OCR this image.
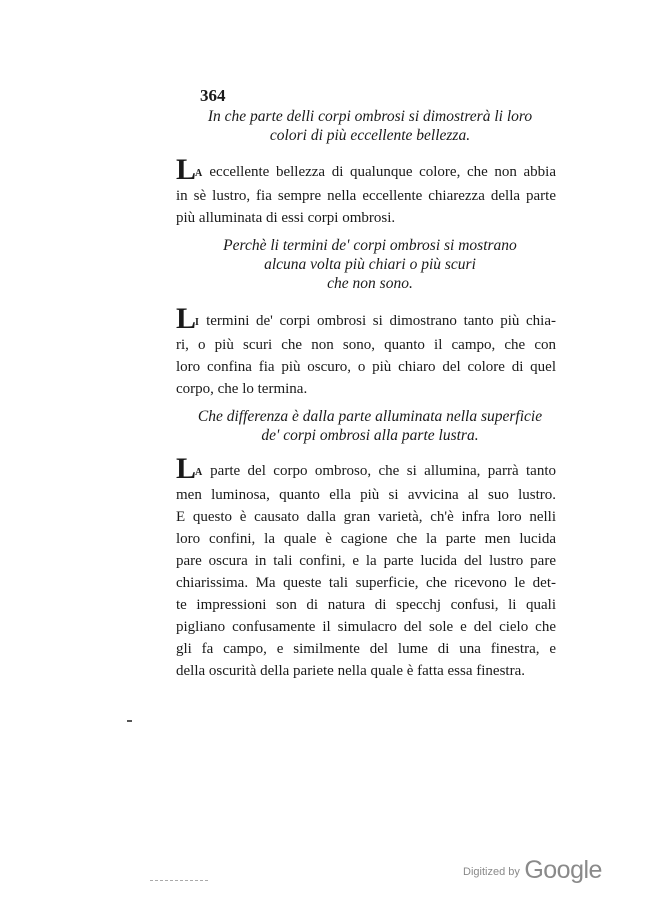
364
In che parte delli corpi ombrosi si dimostrerà li loro
colori di più eccellente bellezza.
LA eccellente bellezza di qualunque colore, che non abbia
in sè lustro, fia sempre nella eccellente chiarezza della parte
più alluminata di essi corpi ombrosi.
Perchè li termini de' corpi ombrosi si mostrano
alcuna volta più chiari o più scuri
che non sono.
LI termini de' corpi ombrosi si dimostrano tanto più chia-
ri, o più scuri che non sono, quanto il campo, che con
loro confina fia più oscuro, o più chiaro del colore di quel
corpo, che lo termina.
Che differenza è dalla parte alluminata nella superficie
de' corpi ombrosi alla parte lustra.
LA parte del corpo ombroso, che si allumina, parrà tanto
men luminosa, quanto ella più si avvicina al suo lustro.
E questo è causato dalla gran varietà, ch'è infra loro nelli
loro confini, la quale è cagione che la parte men lucida
pare oscura in tali confini, e la parte lucida del lustro pare
chiarissima. Ma queste tali superficie, che ricevono le det-
te impressioni son di natura di specchj confusi, li quali
pigliano confusamente il simulacro del sole e del cielo che
gli fa campo, e similmente del lume di una finestra, e
della oscurità della pariete nella quale è fatta essa finestra.
Digitized by Google
